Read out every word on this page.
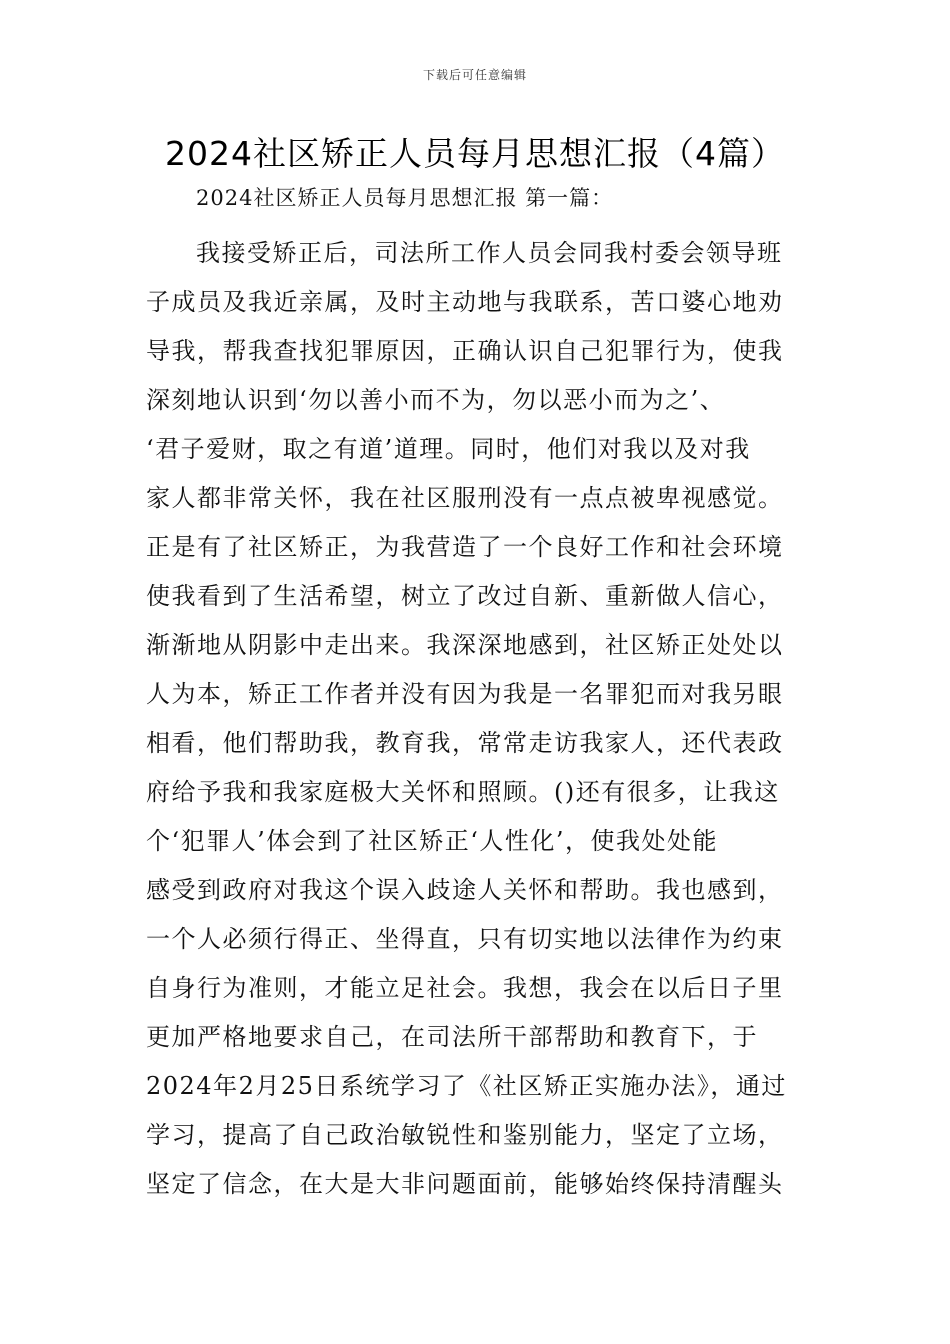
下载后可任意编辑
2024社区矫正人员每月思想汇报（4篇）

2024社区矫正人员每月思想汇报 第一篇：

我接受矫正后，司法所工作人员会同我村委会领导班

子成员及我近亲属，及时主动地与我联系，苦口婆心地劝

导我，帮我查找犯罪原因，正确认识自己犯罪行为，使我

深刻地认识到‘勿以善小而不为，勿以恶小而为之’、

‘君子爱财，取之有道’道理。同时，他们对我以及对我

家人都非常关怀，我在社区服刑没有一点点被卑视感觉。

正是有了社区矫正，为我营造了一个良好工作和社会环境

使我看到了生活希望，树立了改过自新、重新做人信心，

渐渐地从阴影中走出来。我深深地感到，社区矫正处处以

人为本，矫正工作者并没有因为我是一名罪犯而对我另眼

相看，他们帮助我，教育我，常常走访我家人，还代表政

府给予我和我家庭极大关怀和照顾。()还有很多，让我这

个‘犯罪人’体会到了社区矫正‘人性化’，使我处处能

感受到政府对我这个误入歧途人关怀和帮助。我也感到，

一个人必须行得正、坐得直，只有切实地以法律作为约束

自身行为准则，才能立足社会。我想，我会在以后日子里

更加严格地要求自己，在司法所干部帮助和教育下，于

2024年2月25日系统学习了《社区矫正实施办法》，通过

学习，提高了自己政治敏锐性和鉴别能力，坚定了立场，

坚定了信念，在大是大非问题面前，能够始终保持清醒头
